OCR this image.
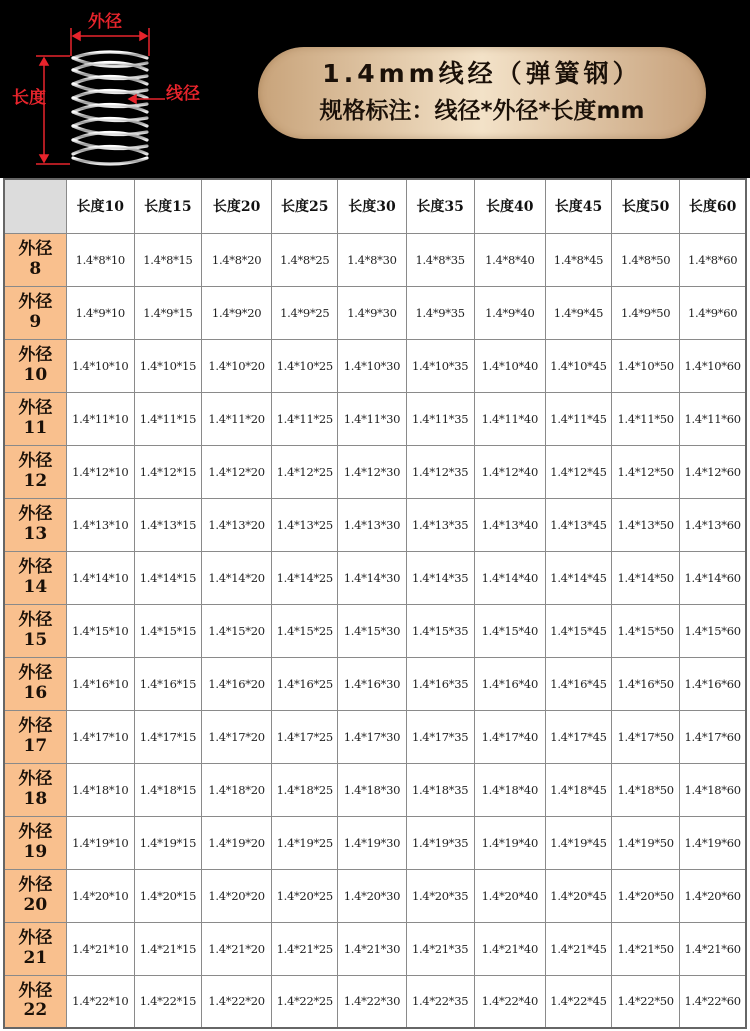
外径
长度	线径
1.4mm线经（弹簧钢）
规格标注：线径*外径*长度mm
	长度10	长度15	长度20	长度25	长度30	长度35	长度40	长度45	长度50	长度60

外径
8	1.4*8*10	1.4*8*15	1.4*8*20	1.4*8*25	1.4*8*30	1.4*8*35	1.4*8*40	1.4*8*45	1.4*8*50	1.4*8*60

外径
9	1.4*9*10	1.4*9*15	1.4*9*20	1.4*9*25	1.4*9*30	1.4*9*35	1.4*9*40	1.4*9*45	1.4*9*50	1.4*9*60

外径
10	1.4*10*10	1.4*10*15	1.4*10*20	1.4*10*25	1.4*10*30	1.4*10*35	1.4*10*40	1.4*10*45	1.4*10*50	1.4*10*60

外径
11	1.4*11*10	1.4*11*15	1.4*11*20	1.4*11*25	1.4*11*30	1.4*11*35	1.4*11*40	1.4*11*45	1.4*11*50	1.4*11*60

外径
12	1.4*12*10	1.4*12*15	1.4*12*20	1.4*12*25	1.4*12*30	1.4*12*35	1.4*12*40	1.4*12*45	1.4*12*50	1.4*12*60

外径
13	1.4*13*10	1.4*13*15	1.4*13*20	1.4*13*25	1.4*13*30	1.4*13*35	1.4*13*40	1.4*13*45	1.4*13*50	1.4*13*60

外径
14	1.4*14*10	1.4*14*15	1.4*14*20	1.4*14*25	1.4*14*30	1.4*14*35	1.4*14*40	1.4*14*45	1.4*14*50	1.4*14*60

外径
15	1.4*15*10	1.4*15*15	1.4*15*20	1.4*15*25	1.4*15*30	1.4*15*35	1.4*15*40	1.4*15*45	1.4*15*50	1.4*15*60

外径
16	1.4*16*10	1.4*16*15	1.4*16*20	1.4*16*25	1.4*16*30	1.4*16*35	1.4*16*40	1.4*16*45	1.4*16*50	1.4*16*60

外径
17	1.4*17*10	1.4*17*15	1.4*17*20	1.4*17*25	1.4*17*30	1.4*17*35	1.4*17*40	1.4*17*45	1.4*17*50	1.4*17*60

外径
18	1.4*18*10	1.4*18*15	1.4*18*20	1.4*18*25	1.4*18*30	1.4*18*35	1.4*18*40	1.4*18*45	1.4*18*50	1.4*18*60

外径
19	1.4*19*10	1.4*19*15	1.4*19*20	1.4*19*25	1.4*19*30	1.4*19*35	1.4*19*40	1.4*19*45	1.4*19*50	1.4*19*60

外径
20	1.4*20*10	1.4*20*15	1.4*20*20	1.4*20*25	1.4*20*30	1.4*20*35	1.4*20*40	1.4*20*45	1.4*20*50	1.4*20*60

外径
21	1.4*21*10	1.4*21*15	1.4*21*20	1.4*21*25	1.4*21*30	1.4*21*35	1.4*21*40	1.4*21*45	1.4*21*50	1.4*21*60

外径
22	1.4*22*10	1.4*22*15	1.4*22*20	1.4*22*25	1.4*22*30	1.4*22*35	1.4*22*40	1.4*22*45	1.4*22*50	1.4*22*60
